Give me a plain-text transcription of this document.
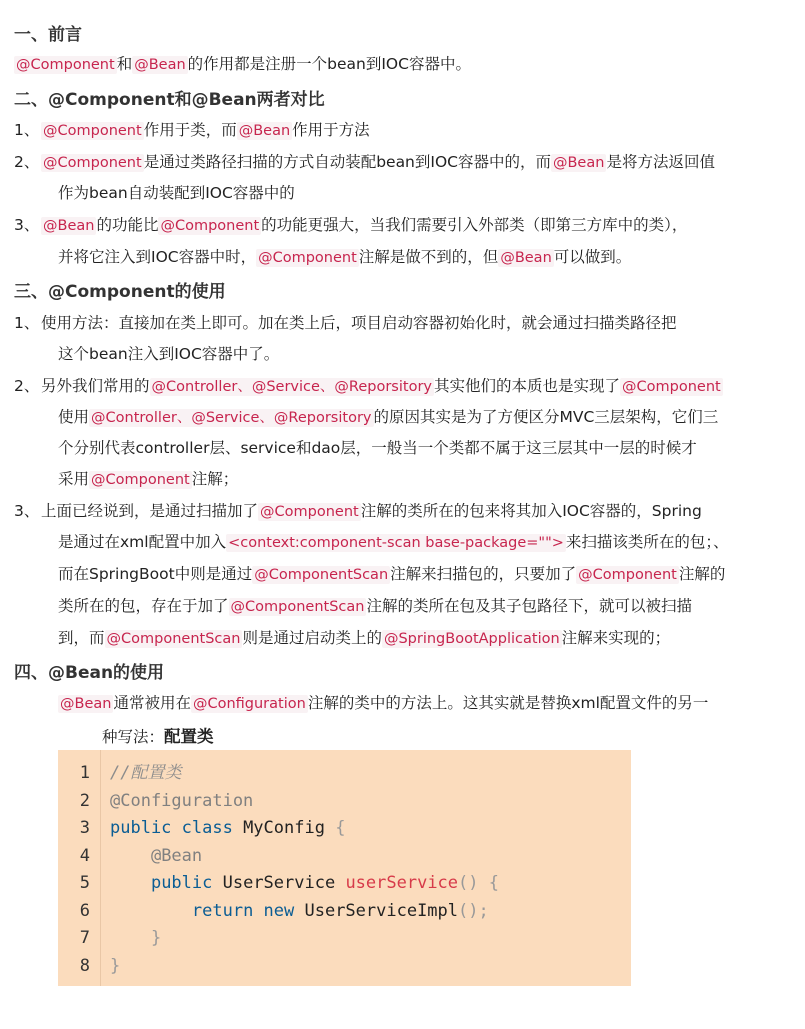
一、前言
@Component 和 @Bean 的作用都是注册一个bean到IOC容器中。
二、@Component和@Bean两者对比
1、 @Component 作用于类，而 @Bean 作用于方法
2、 @Component 是通过类路径扫描的方式自动装配bean到IOC容器中的，而 @Bean 是将方法返回值
作为bean自动装配到IOC容器中的
3、 @Bean 的功能比 @Component 的功能更强大，当我们需要引入外部类（即第三方库中的类），
并将它注入到IOC容器中时， @Component 注解是做不到的，但 @Bean 可以做到。
三、@Component的使用
1、 使用方法：直接加在类上即可。加在类上后，项目启动容器初始化时，就会通过扫描类路径把
这个bean注入到IOC容器中了。
2、 另外我们常用的 @Controller、@Service、@Reporsitory 其实他们的本质也是实现了 @Component
使用 @Controller、@Service、@Reporsitory 的原因其实是为了方便区分MVC三层架构，它们三
个分别代表controller层、service和dao层，一般当一个类都不属于这三层其中一层的时候才
采用 @Component 注解；
3、 上面已经说到，是通过扫描加了 @Component 注解的类所在的包来将其加入IOC容器的，Spring
是通过在xml配置中加入 <context:component-scan base-package=""> 来扫描该类所在的包；、
而在SpringBoot中则是通过 @ComponentScan 注解来扫描包的，只要加了 @Component 注解的
类所在的包，存在于加了 @ComponentScan 注解的类所在包及其子包路径下，就可以被扫描
到，而 @ComponentScan 则是通过启动类上的 @SpringBootApplication 注解来实现的；
四、@Bean的使用
@Bean 通常被用在 @Configuration 注解的类中的方法上。这其实就是替换xml配置文件的另一
种写法：配置类
1
2
3
4
5
6
7
8
//配置类
@Configuration
public class MyConfig {
@Bean
public UserService userService() {
return new UserServiceImpl();
}
}
